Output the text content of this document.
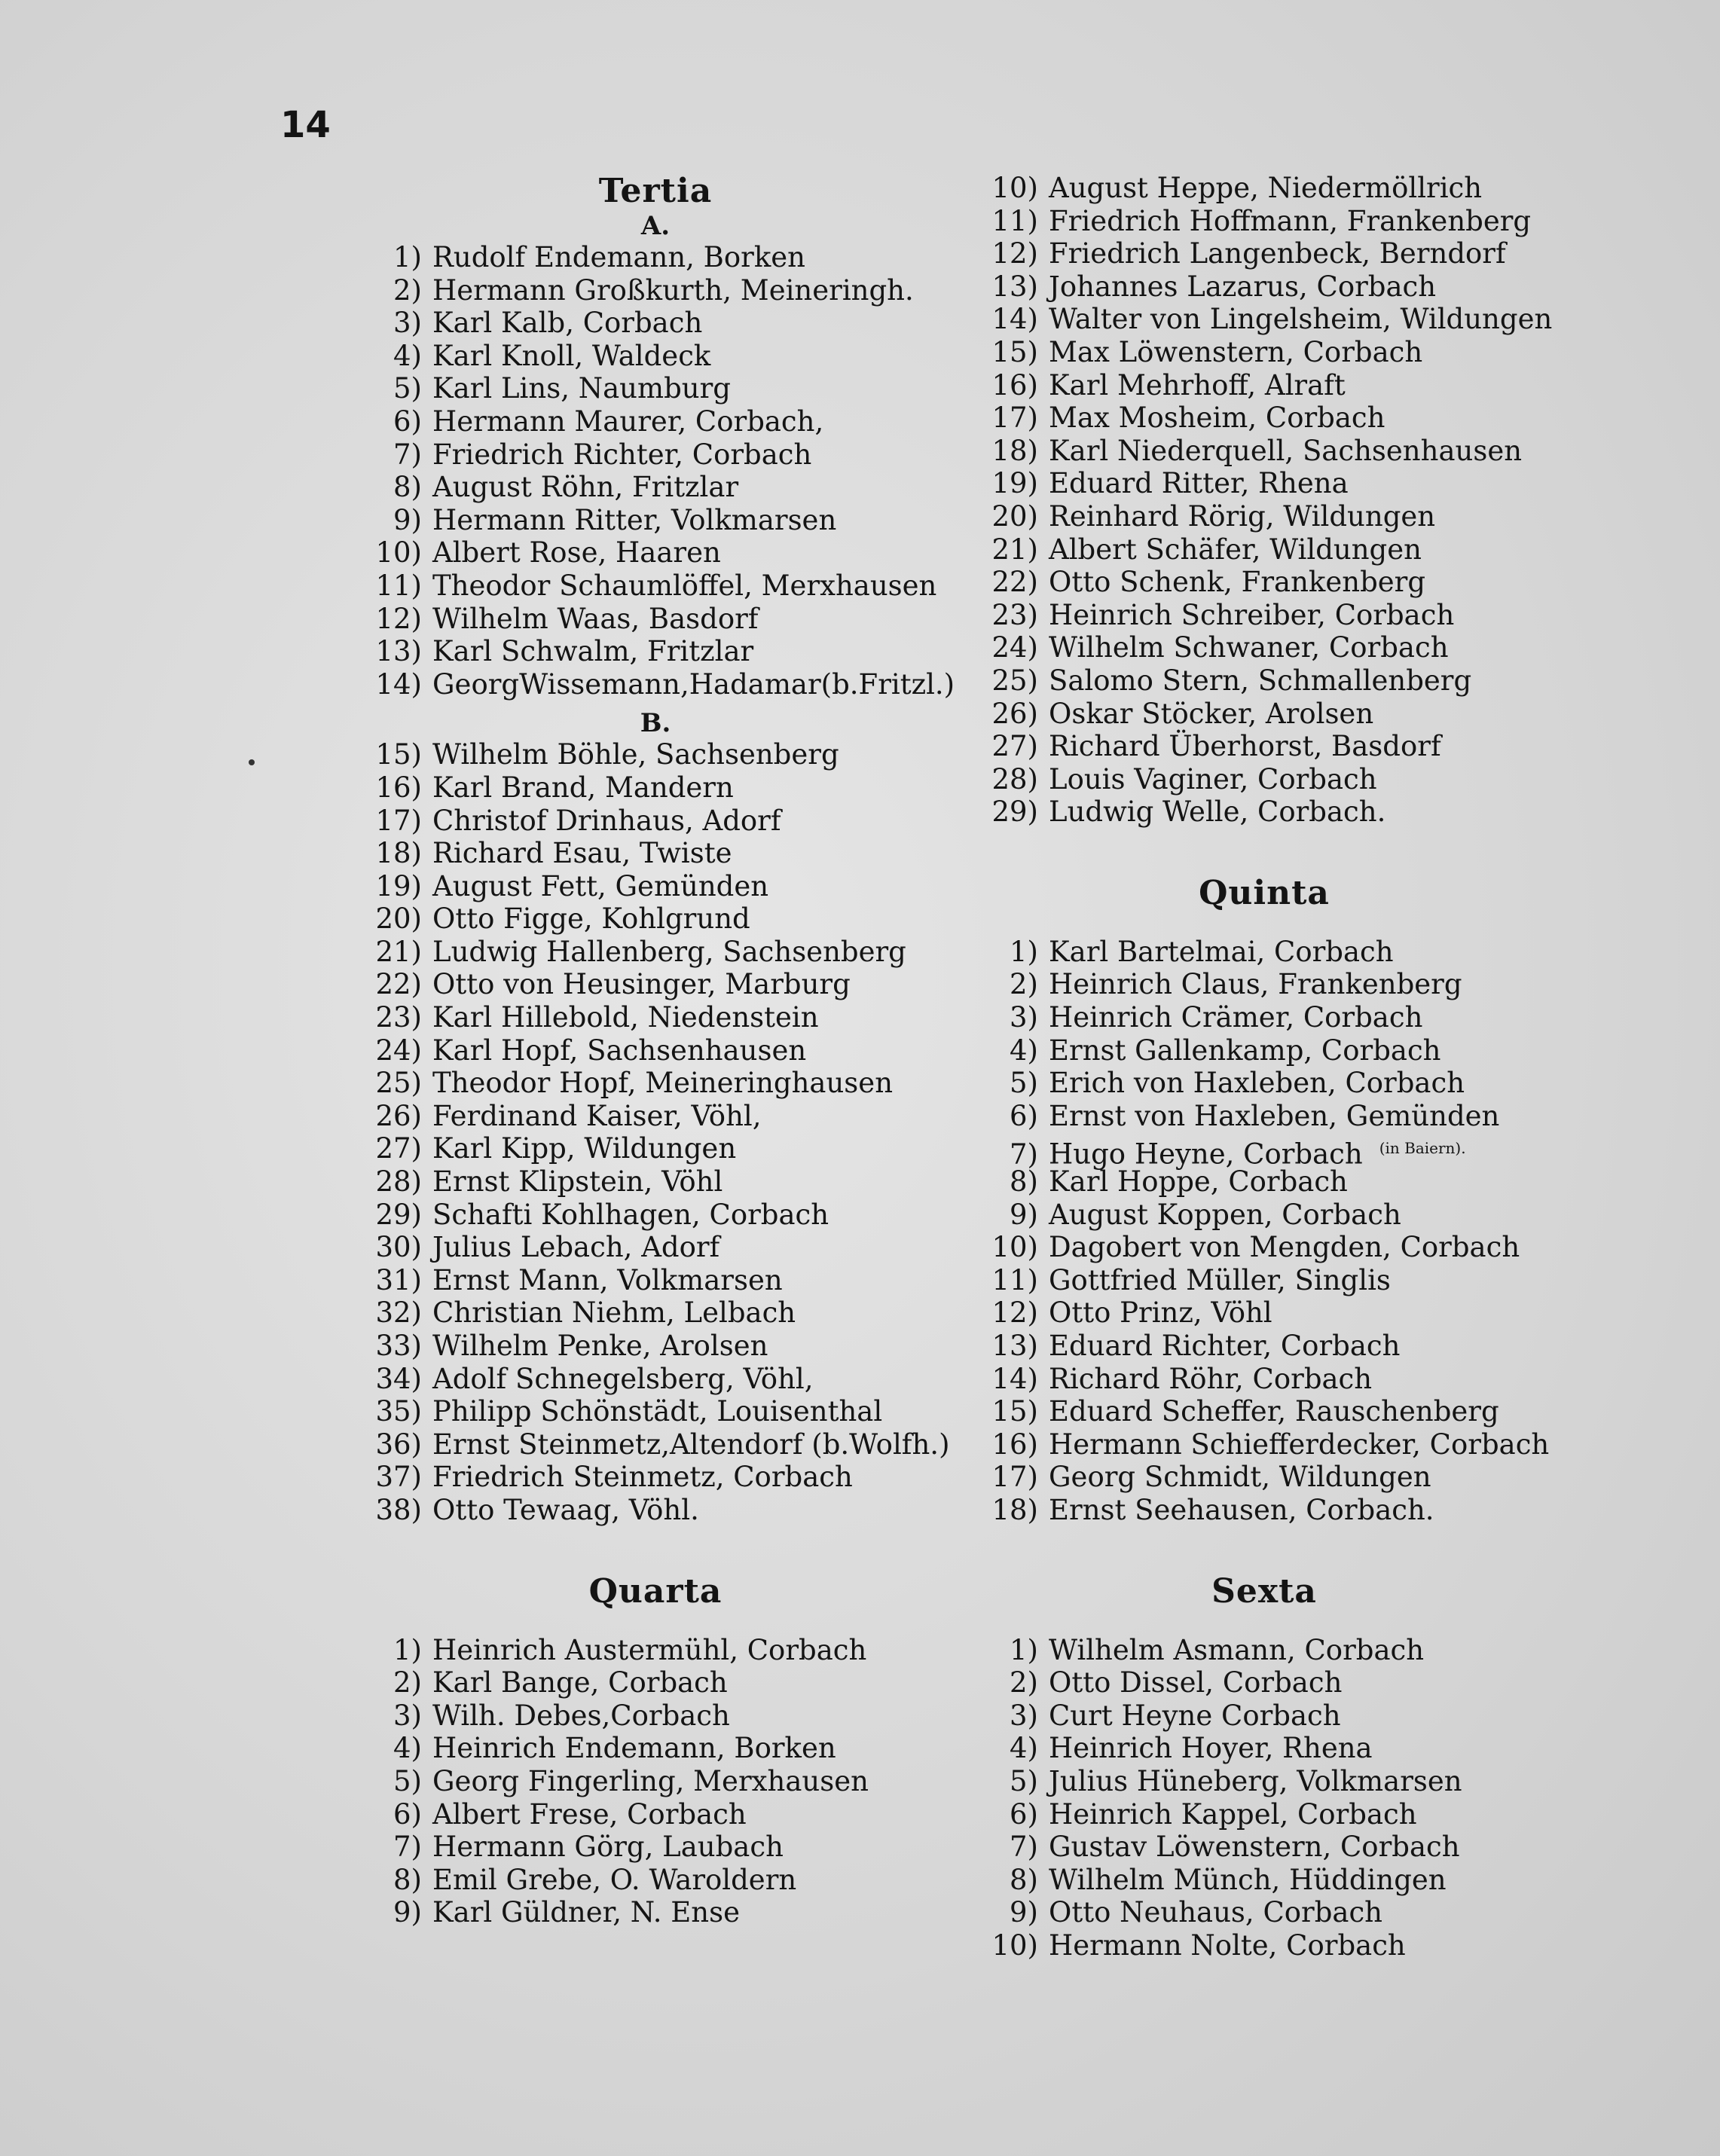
14
Tertia
A.
1) Rudolf Endemann, Borken
2) Hermann Großkurth, Meineringh.
3) Karl Kalb, Corbach
4) Karl Knoll, Waldeck
5) Karl Lins, Naumburg
6) Hermann Maurer, Corbach,
7) Friedrich Richter, Corbach
8) August Röhn, Fritzlar
9) Hermann Ritter, Volkmarsen
10) Albert Rose, Haaren
11) Theodor Schaumlöffel, Merxhausen
12) Wilhelm Waas, Basdorf
13) Karl Schwalm, Fritzlar
14) GeorgWissemann,Hadamar(b.Fritzl.)
B.
15) Wilhelm Böhle, Sachsenberg
16) Karl Brand, Mandern
17) Christof Drinhaus, Adorf
18) Richard Esau, Twiste
19) August Fett, Gemünden
20) Otto Figge, Kohlgrund
21) Ludwig Hallenberg, Sachsenberg
22) Otto von Heusinger, Marburg
23) Karl Hillebold, Niedenstein
24) Karl Hopf, Sachsenhausen
25) Theodor Hopf, Meineringhausen
26) Ferdinand Kaiser, Vöhl,
27) Karl Kipp, Wildungen
28) Ernst Klipstein, Vöhl
29) Schafti Kohlhagen, Corbach
30) Julius Lebach, Adorf
31) Ernst Mann, Volkmarsen
32) Christian Niehm, Lelbach
33) Wilhelm Penke, Arolsen
34) Adolf Schnegelsberg, Vöhl,
35) Philipp Schönstädt, Louisenthal
36) Ernst Steinmetz,Altendorf (b.Wolfh.)
37) Friedrich Steinmetz, Corbach
38) Otto Tewaag, Vöhl.
Quarta
1) Heinrich Austermühl, Corbach
2) Karl Bange, Corbach
3) Wilh. Debes,Corbach
4) Heinrich Endemann, Borken
5) Georg Fingerling, Merxhausen
6) Albert Frese, Corbach
7) Hermann Görg, Laubach
8) Emil Grebe, O. Waroldern
9) Karl Güldner, N. Ense
10) August Heppe, Niedermöllrich
11) Friedrich Hoffmann, Frankenberg
12) Friedrich Langenbeck, Berndorf
13) Johannes Lazarus, Corbach
14) Walter von Lingelsheim, Wildungen
15) Max Löwenstern, Corbach
16) Karl Mehrhoff, Alraft
17) Max Mosheim, Corbach
18) Karl Niederquell, Sachsenhausen
19) Eduard Ritter, Rhena
20) Reinhard Rörig, Wildungen
21) Albert Schäfer, Wildungen
22) Otto Schenk, Frankenberg
23) Heinrich Schreiber, Corbach
24) Wilhelm Schwaner, Corbach
25) Salomo Stern, Schmallenberg
26) Oskar Stöcker, Arolsen
27) Richard Überhorst, Basdorf
28) Louis Vaginer, Corbach
29) Ludwig Welle, Corbach.
Quinta
1) Karl Bartelmai, Corbach
2) Heinrich Claus, Frankenberg
3) Heinrich Crämer, Corbach
4) Ernst Gallenkamp, Corbach
5) Erich von Haxleben, Corbach
6) Ernst von Haxleben, Gemünden
7) Hugo Heyne, Corbach $^{(in Baiern).}$
8) Karl Hoppe, Corbach
9) August Koppen, Corbach
10) Dagobert von Mengden, Corbach
11) Gottfried Müller, Singlis
12) Otto Prinz, Vöhl
13) Eduard Richter, Corbach
14) Richard Röhr, Corbach
15) Eduard Scheffer, Rauschenberg
16) Hermann Schiefferdecker, Corbach
17) Georg Schmidt, Wildungen
18) Ernst Seehausen, Corbach.
Sexta
1) Wilhelm Asmann, Corbach
2) Otto Dissel, Corbach
3) Curt Heyne Corbach
4) Heinrich Hoyer, Rhena
5) Julius Hüneberg, Volkmarsen
6) Heinrich Kappel, Corbach
7) Gustav Löwenstern, Corbach
8) Wilhelm Münch, Hüddingen
9) Otto Neuhaus, Corbach
10) Hermann Nolte, Corbach
